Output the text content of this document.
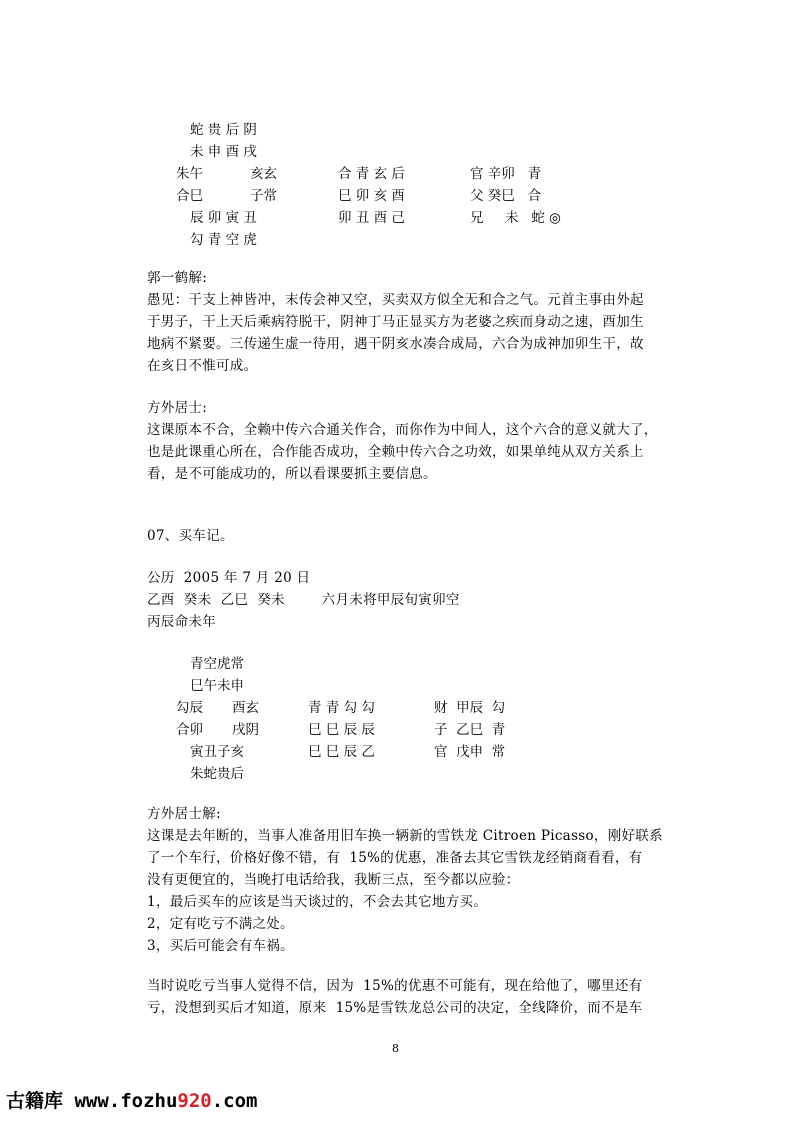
蛇 贵 后 阴
未 申 酉 戌
朱午	亥玄	合 青 玄 后	官 辛卯   青
合巳	子常	巳 卯 亥 酉	父 癸巳   合
辰 卯 寅 丑	卯 丑 酉 己	兄     未   蛇 ◎
勾 青 空 虎
郭一鹤解:
愚见：干支上神皆冲，末传会神又空，买卖双方似全无和合之气。元首主事由外起
于男子，干上天后乘病符脱干，阴神丁马正显买方为老婆之疾而身动之速，酉加生
地病不紧要。三传递生虚一待用，遇干阴亥水凑合成局，六合为成神加卯生干，故
在亥日不惟可成。
方外居士:
这课原本不合，全赖中传六合通关作合，而你作为中间人，这个六合的意义就大了，
也是此课重心所在，合作能否成功，全赖中传六合之功效，如果单纯从双方关系上
看，是不可能成功的，所以看课要抓主要信息。
07、买车记。
公历  2005 年 7 月 20 日
乙酉  癸未  乙巳  癸未        六月未将甲辰旬寅卯空
丙辰命未年
青空虎常
巳午未申
勾辰 酉玄	青 青 勾 勾	财  甲辰  勾
合卯 戌阴	巳 巳 辰 辰	子  乙巳  青
寅丑子亥	巳 巳 辰 乙	官  戊申  常
朱蛇贵后
方外居士解:
这课是去年断的，当事人准备用旧车换一辆新的雪铁龙 Citroen Picasso，刚好联系
了一个车行，价格好像不错，有  15%的优惠，准备去其它雪铁龙经销商看看，有
没有更便宜的，当晚打电话给我，我断三点，至今都以应验：
1，最后买车的应该是当天谈过的，不会去其它地方买。
2，定有吃亏不满之处。
3，买后可能会有车祸。
当时说吃亏当事人觉得不信，因为  15%的优惠不可能有，现在给他了，哪里还有
亏，没想到买后才知道，原来  15%是雪铁龙总公司的决定，全线降价，而不是车
8
古籍库 www.fozhu920.com
